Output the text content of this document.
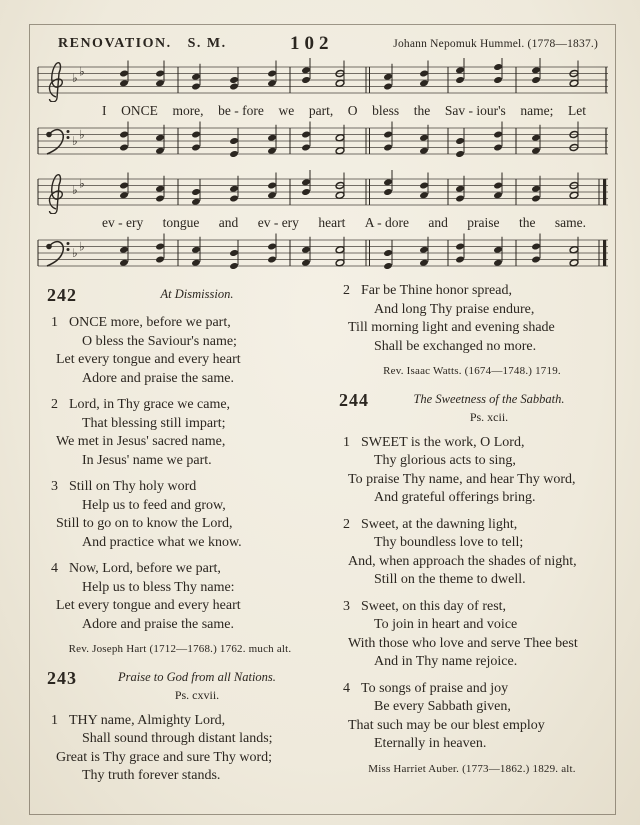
RENOVATION. S. M.	102	Johann Nepomuk Hummel. (1778—1837.)
♭ ♭
I ONCE more, be - fore we part, O bless the Sav - iour's name; Let
♭ ♭
♭ ♭
ev - ery tongue and ev - ery heart A - dore and praise the same.
♭ ♭
242	At Dismission.
1 ONCE more, before we part,
O bless the Saviour's name;
Let every tongue and every heart
Adore and praise the same.
2 Lord, in Thy grace we came,
That blessing still impart;
We met in Jesus' sacred name,
In Jesus' name we part.
3 Still on Thy holy word
Help us to feed and grow,
Still to go on to know the Lord,
And practice what we know.
4 Now, Lord, before we part,
Help us to bless Thy name:
Let every tongue and every heart
Adore and praise the same.
Rev. Joseph Hart (1712—1768.) 1762. much alt.
243	Praise to God from all Nations.
Ps. cxvii.
1 THY name, Almighty Lord,
Shall sound through distant lands;
Great is Thy grace and sure Thy word;
Thy truth forever stands.
2 Far be Thine honor spread,
And long Thy praise endure,
Till morning light and evening shade
Shall be exchanged no more.
Rev. Isaac Watts. (1674—1748.) 1719.
244	The Sweetness of the Sabbath.
Ps. xcii.
1 SWEET is the work, O Lord,
Thy glorious acts to sing,
To praise Thy name, and hear Thy word,
And grateful offerings bring.
2 Sweet, at the dawning light,
Thy boundless love to tell;
And, when approach the shades of night,
Still on the theme to dwell.
3 Sweet, on this day of rest,
To join in heart and voice
With those who love and serve Thee best
And in Thy name rejoice.
4 To songs of praise and joy
Be every Sabbath given,
That such may be our blest employ
Eternally in heaven.
Miss Harriet Auber. (1773—1862.) 1829. alt.
